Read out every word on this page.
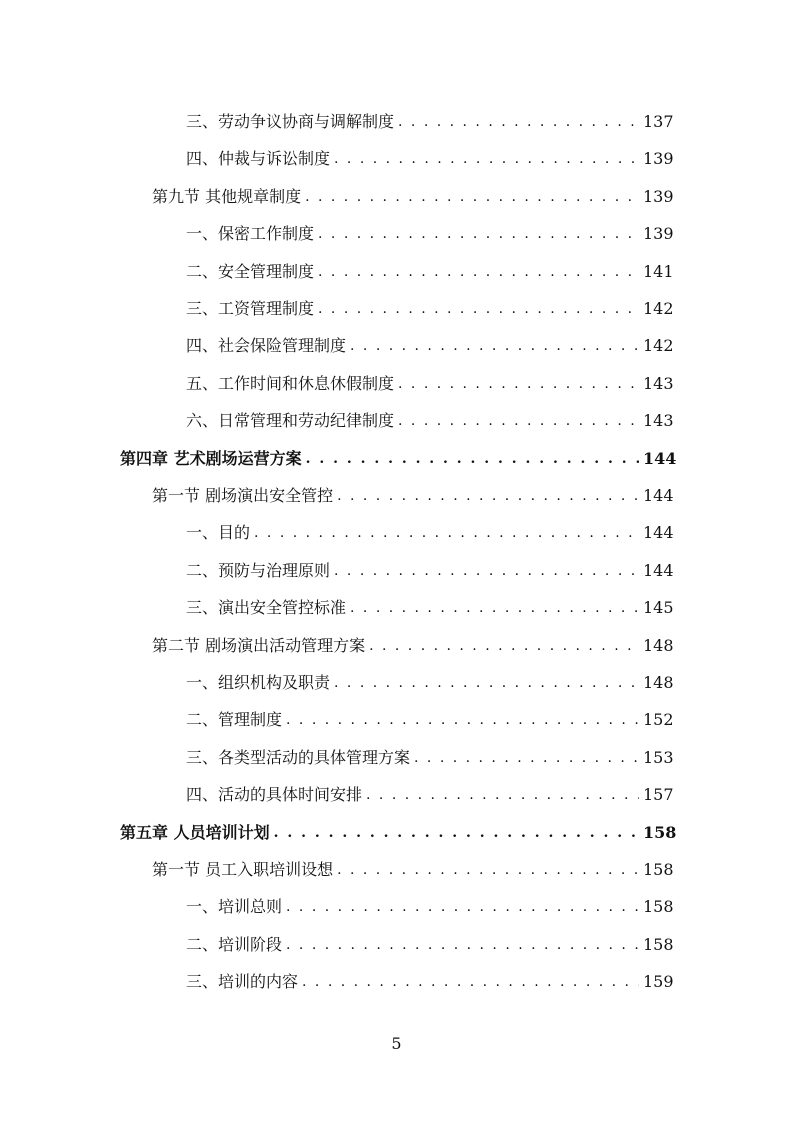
三、劳动争议协商与调解制度 . . .	137
四、仲裁与诉讼制度 . . .	139
第九节 其他规章制度 . . .	139
一、保密工作制度 . . .	139
二、安全管理制度 . . .	141
三、工资管理制度 . . .	142
四、社会保险管理制度 . . .	142
五、工作时间和休息休假制度 . . .	143
六、日常管理和劳动纪律制度 . . .	143
第四章 艺术剧场运营方案 . . .	144
第一节 剧场演出安全管控 . . .	144
一、目的 . . .	144
二、预防与治理原则 . . .	144
三、演出安全管控标准 . . .	145
第二节 剧场演出活动管理方案 . . .	148
一、组织机构及职责 . . .	148
二、管理制度 . . .	152
三、各类型活动的具体管理方案 . . .	153
四、活动的具体时间安排 . . .	157
第五章 人员培训计划 . . .	158
第一节 员工入职培训设想 . . .	158
一、培训总则 . . .	158
二、培训阶段 . . .	158
三、培训的内容 . . .	159
5
